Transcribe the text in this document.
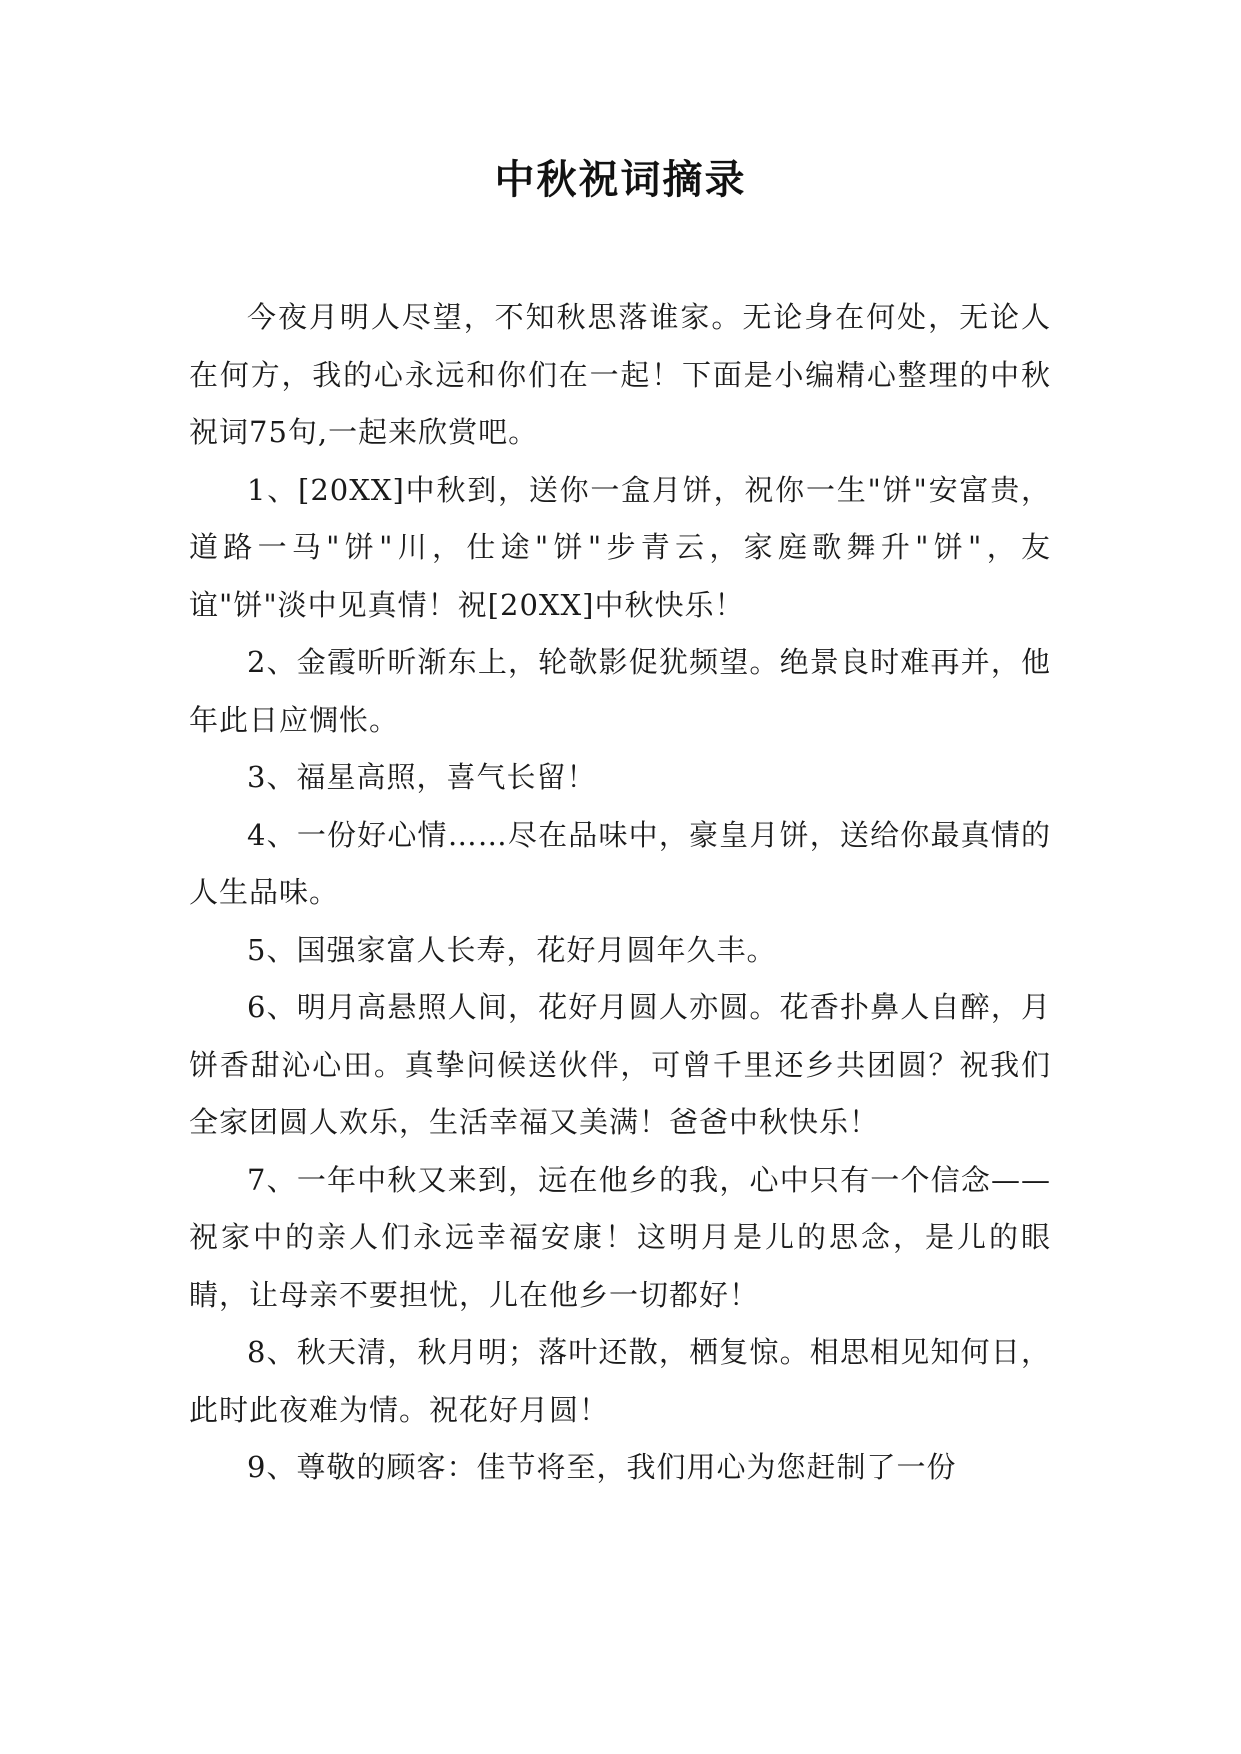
中秋祝词摘录

今夜月明人尽望，不知秋思落谁家。无论身在何处，无论人在何方，我的心永远和你们在一起！下面是小编精心整理的中秋祝词75句,一起来欣赏吧。

1、[20XX]中秋到，送你一盒月饼，祝你一生"饼"安富贵，道路一马"饼"川，仕途"饼"步青云，家庭歌舞升"饼"，友谊"饼"淡中见真情！祝[20XX]中秋快乐！

2、金霞昕昕渐东上，轮欹影促犹频望。绝景良时难再并，他年此日应惆怅。

3、福星高照，喜气长留！

4、一份好心情……尽在品味中，豪皇月饼，送给你最真情的人生品味。

5、国强家富人长寿，花好月圆年久丰。

6、明月高悬照人间，花好月圆人亦圆。花香扑鼻人自醉，月饼香甜沁心田。真挚问候送伙伴，可曾千里还乡共团圆？祝我们全家团圆人欢乐，生活幸福又美满！爸爸中秋快乐！

7、一年中秋又来到，远在他乡的我，心中只有一个信念——祝家中的亲人们永远幸福安康！这明月是儿的思念，是儿的眼睛，让母亲不要担忧，儿在他乡一切都好！

8、秋天清，秋月明；落叶还散，栖复惊。相思相见知何日，此时此夜难为情。祝花好月圆！

9、尊敬的顾客：佳节将至，我们用心为您赶制了一份
